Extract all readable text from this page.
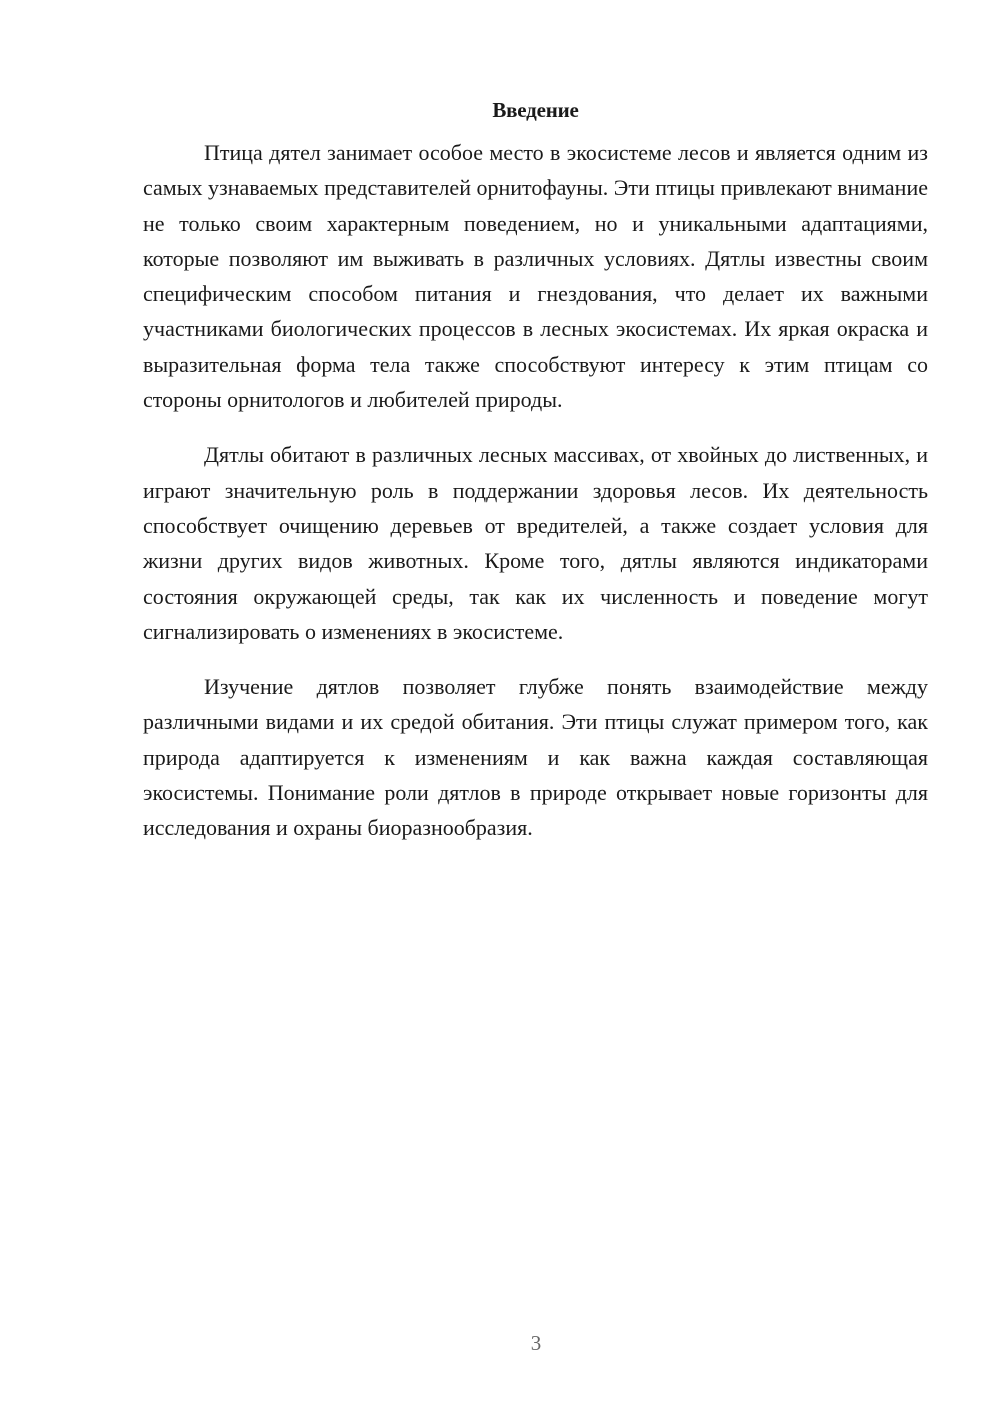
Введение

Птица дятел занимает особое место в экосистеме лесов и является одним из самых узнаваемых представителей орнитофауны. Эти птицы привлекают внимание не только своим характерным поведением, но и уникальными адаптациями, которые позволяют им выживать в различных условиях. Дятлы известны своим специфическим способом питания и гнездования, что делает их важными участниками биологических процессов в лесных экосистемах. Их яркая окраска и выразительная форма тела также способствуют интересу к этим птицам со стороны орнитологов и любителей природы.

Дятлы обитают в различных лесных массивах, от хвойных до лиственных, и играют значительную роль в поддержании здоровья лесов. Их деятельность способствует очищению деревьев от вредителей, а также создает условия для жизни других видов животных. Кроме того, дятлы являются индикаторами состояния окружающей среды, так как их численность и поведение могут сигнализировать о изменениях в экосистеме.

Изучение дятлов позволяет глубже понять взаимодействие между различными видами и их средой обитания. Эти птицы служат примером того, как природа адаптируется к изменениям и как важна каждая составляющая экосистемы. Понимание роли дятлов в природе открывает новые горизонты для исследования и охраны биоразнообразия.

3
